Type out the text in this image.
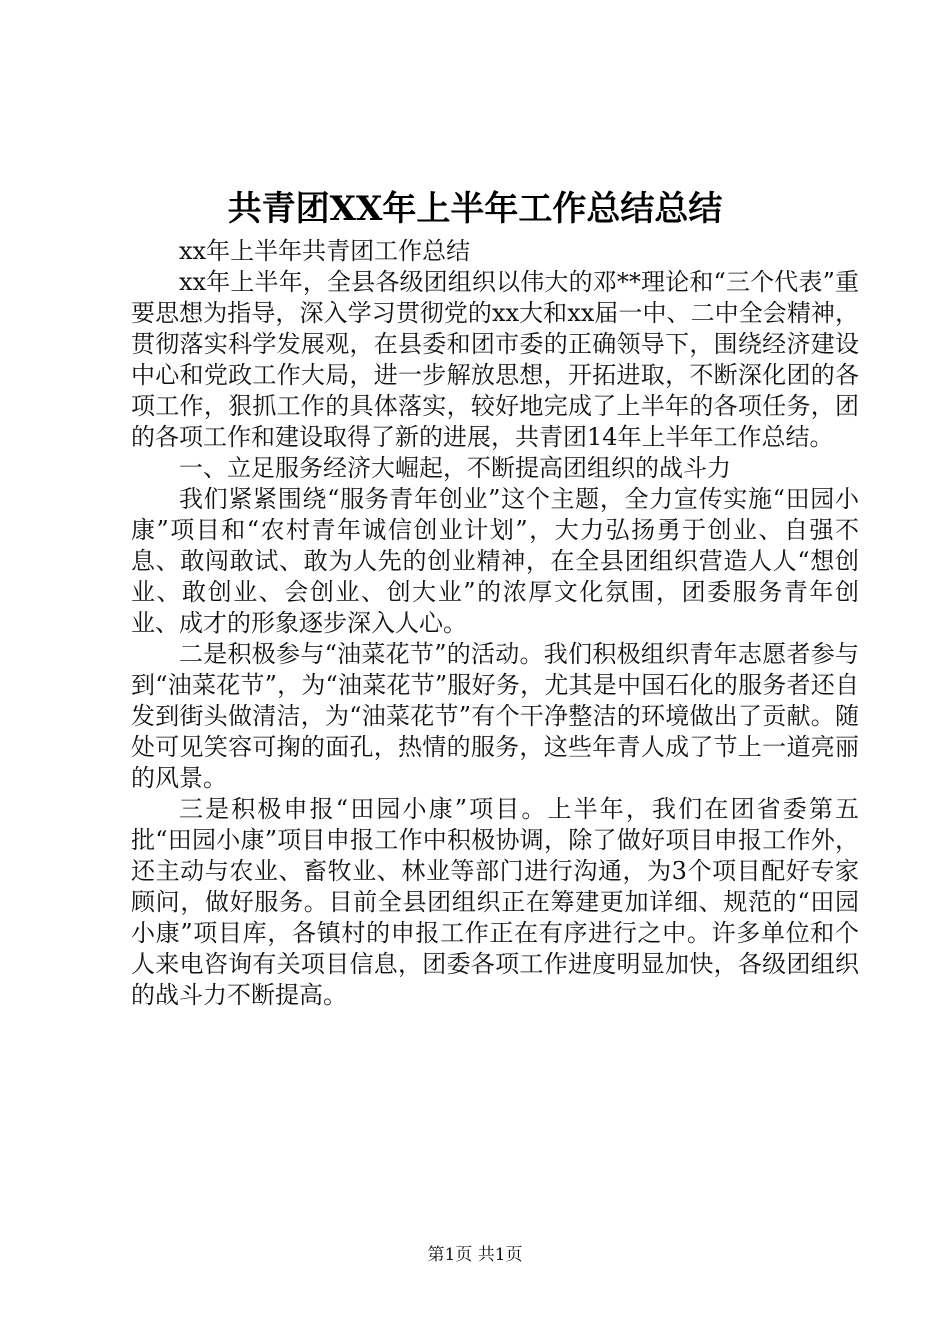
共青团XX年上半年工作总结总结

xx年上半年共青团工作总结

xx年上半年，全县各级团组织以伟大的邓**理论和“三个代表”重要思想为指导，深入学习贯彻党的xx大和xx届一中、二中全会精神，贯彻落实科学发展观，在县委和团市委的正确领导下，围绕经济建设中心和党政工作大局，进一步解放思想，开拓进取，不断深化团的各项工作，狠抓工作的具体落实，较好地完成了上半年的各项任务，团的各项工作和建设取得了新的进展，共青团14年上半年工作总结。

一、立足服务经济大崛起，不断提高团组织的战斗力

我们紧紧围绕“服务青年创业”这个主题，全力宣传实施“田园小康”项目和“农村青年诚信创业计划”，大力弘扬勇于创业、自强不息、敢闯敢试、敢为人先的创业精神，在全县团组织营造人人“想创业、敢创业、会创业、创大业”的浓厚文化氛围，团委服务青年创业、成才的形象逐步深入人心。

二是积极参与“油菜花节”的活动。我们积极组织青年志愿者参与到“油菜花节”，为“油菜花节”服好务，尤其是中国石化的服务者还自发到街头做清洁，为“油菜花节”有个干净整洁的环境做出了贡献。随处可见笑容可掬的面孔，热情的服务，这些年青人成了节上一道亮丽的风景。

三是积极申报“田园小康”项目。上半年，我们在团省委第五批“田园小康”项目申报工作中积极协调，除了做好项目申报工作外，还主动与农业、畜牧业、林业等部门进行沟通，为3个项目配好专家顾问，做好服务。目前全县团组织正在筹建更加详细、规范的“田园小康”项目库，各镇村的申报工作正在有序进行之中。许多单位和个人来电咨询有关项目信息，团委各项工作进度明显加快，各级团组织的战斗力不断提高。

第1页 共1页
